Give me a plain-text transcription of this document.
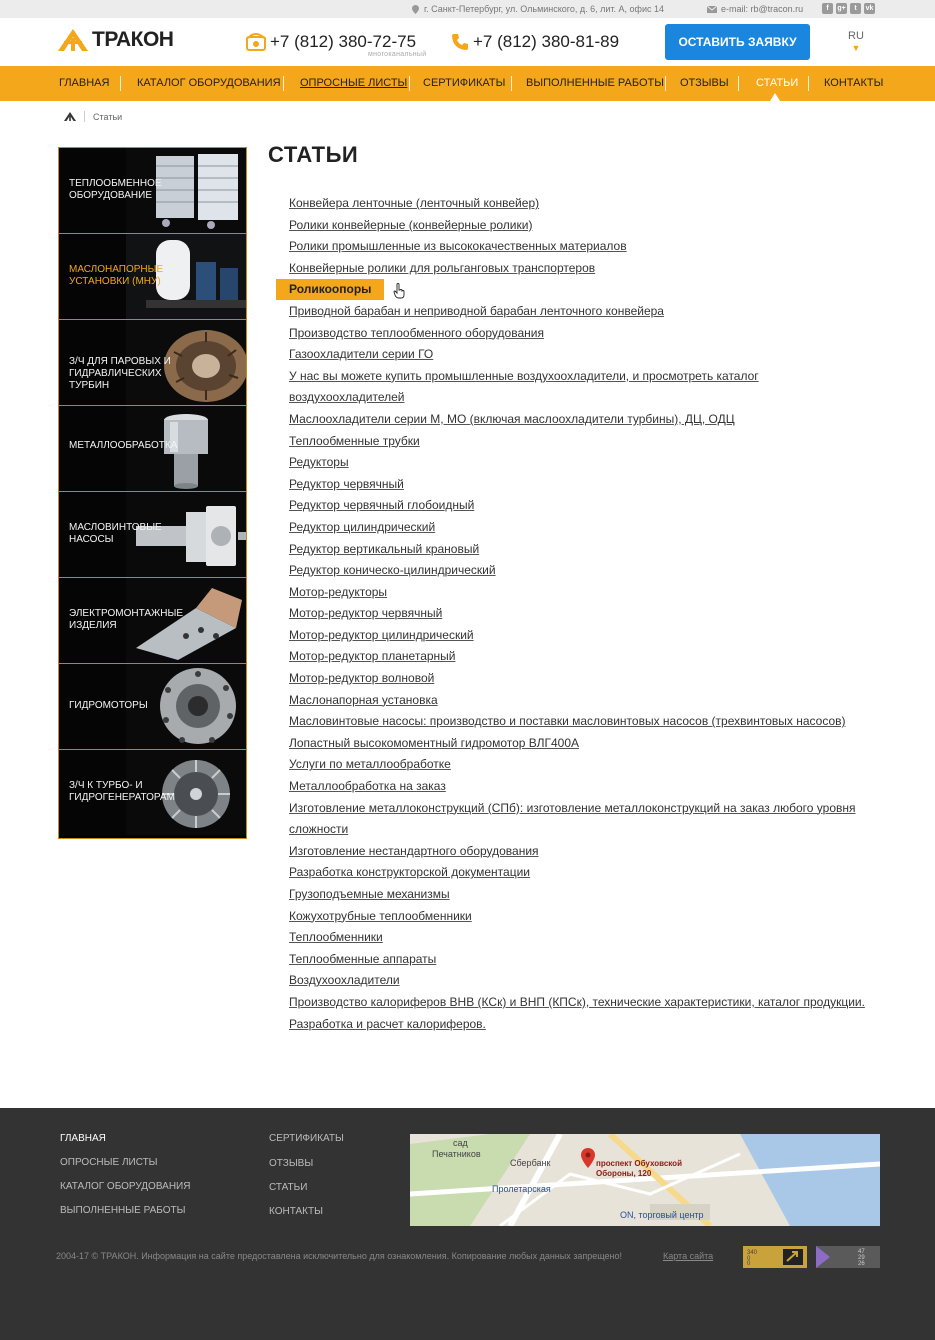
г. Санкт-Петербург, ул. Ольминского, д. 6, лит. А, офис 14	e-mail: rb@tracon.ru	f	g+	t	vk
ТРАКОН	+7 (812) 380-72-75
многоканальный
+7 (812) 380-81-89	ОСТАВИТЬ ЗАЯВКУ	RU
▼
ГЛАВНАЯ	КАТАЛОГ ОБОРУДОВАНИЯ ОПРОСНЫЕ ЛИСТЫ СЕРТИФИКАТЫ ВЫПОЛНЕННЫЕ РАБОТЫ ОТЗЫВЫ СТАТЬИ КОНТАКТЫ
Статьи
ТЕПЛООБМЕННОЕ ОБОРУДОВАНИЕ
МАСЛОНАПОРНЫЕ УСТАНОВКИ (МНУ)
З/Ч ДЛЯ ПАРОВЫХ И ГИДРАВЛИЧЕСКИХ ТУРБИН
МЕТАЛЛООБРАБОТКА
МАСЛОВИНТОВЫЕ НАСОСЫ
ЭЛЕКТРОМОНТАЖНЫЕ ИЗДЕЛИЯ
ГИДРОМОТОРЫ
З/Ч К ТУРБО- И ГИДРОГЕНЕРАТОРАМ
СТАТЬИ
Конвейера ленточные (ленточный конвейер)
Ролики конвейерные (конвейерные ролики)
Ролики промышленные из высококачественных материалов
Конвейерные ролики для рольганговых транспортеров
Роликоопоры
Приводной барабан и неприводной барабан ленточного конвейера
Производство теплообменного оборудования
Газоохладители серии ГО
У нас вы можете купить промышленные воздухоохладители, и просмотреть каталог
воздухоохладителей
Маслоохладители серии М, МО (включая маслоохладители турбины), ДЦ, ОДЦ
Теплообменные трубки
Редукторы
Редуктор червячный
Редуктор червячный глобоидный
Редуктор цилиндрический
Редуктор вертикальный крановый
Редуктор коническо-цилиндрический
Мотор-редукторы
Мотор-редуктор червячный
Мотор-редуктор цилиндрический
Мотор-редуктор планетарный
Мотор-редуктор волновой
Маслонапорная установка
Масловинтовые насосы: производство и поставки масловинтовых насосов (трехвинтовых насосов)
Лопастный высокомоментный гидромотор ВЛГ400А
Услуги по металлообработке
Металлообработка на заказ
Изготовление металлоконструкций (СПб): изготовление металлоконструкций на заказ любого уровня
сложности
Изготовление нестандартного оборудования
Разработка конструкторской документации
Грузоподъемные механизмы
Кожухотрубные теплообменники
Теплообменники
Теплообменные аппараты
Воздухоохладители
Производство калориферов ВНВ (КСк) и ВНП (КПСк), технические характеристики, каталог продукции.
Разработка и расчет калориферов.
ГЛАВНАЯ
ОПРОСНЫЕ ЛИСТЫ
КАТАЛОГ ОБОРУДОВАНИЯ
ВЫПОЛНЕННЫЕ РАБОТЫ
СЕРТИФИКАТЫ
ОТЗЫВЫ
СТАТЬИ
КОНТАКТЫ
сад
Печатников
Сбербанк
Пролетарская
проспект Обуховской
Обороны, 120
ON, торговый центр
2004-17 © ТРАКОН. Информация на сайте предоставлена исключительно для ознакомления. Копирование любых данных запрещено!	Карта сайта	340
0
0
47
29
26
